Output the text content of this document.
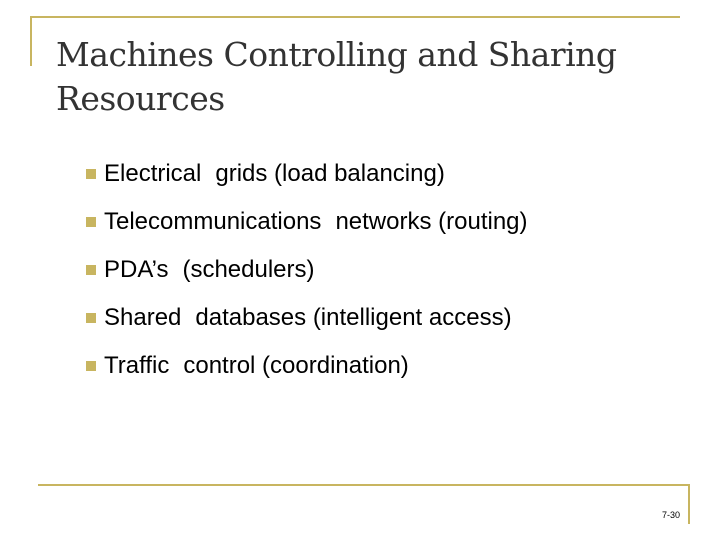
Machines Controlling and Sharing Resources
Electrical grids (load balancing)
Telecommunications networks (routing)
PDA’s (schedulers)
Shared databases (intelligent access)
Traffic control (coordination)
7-30
